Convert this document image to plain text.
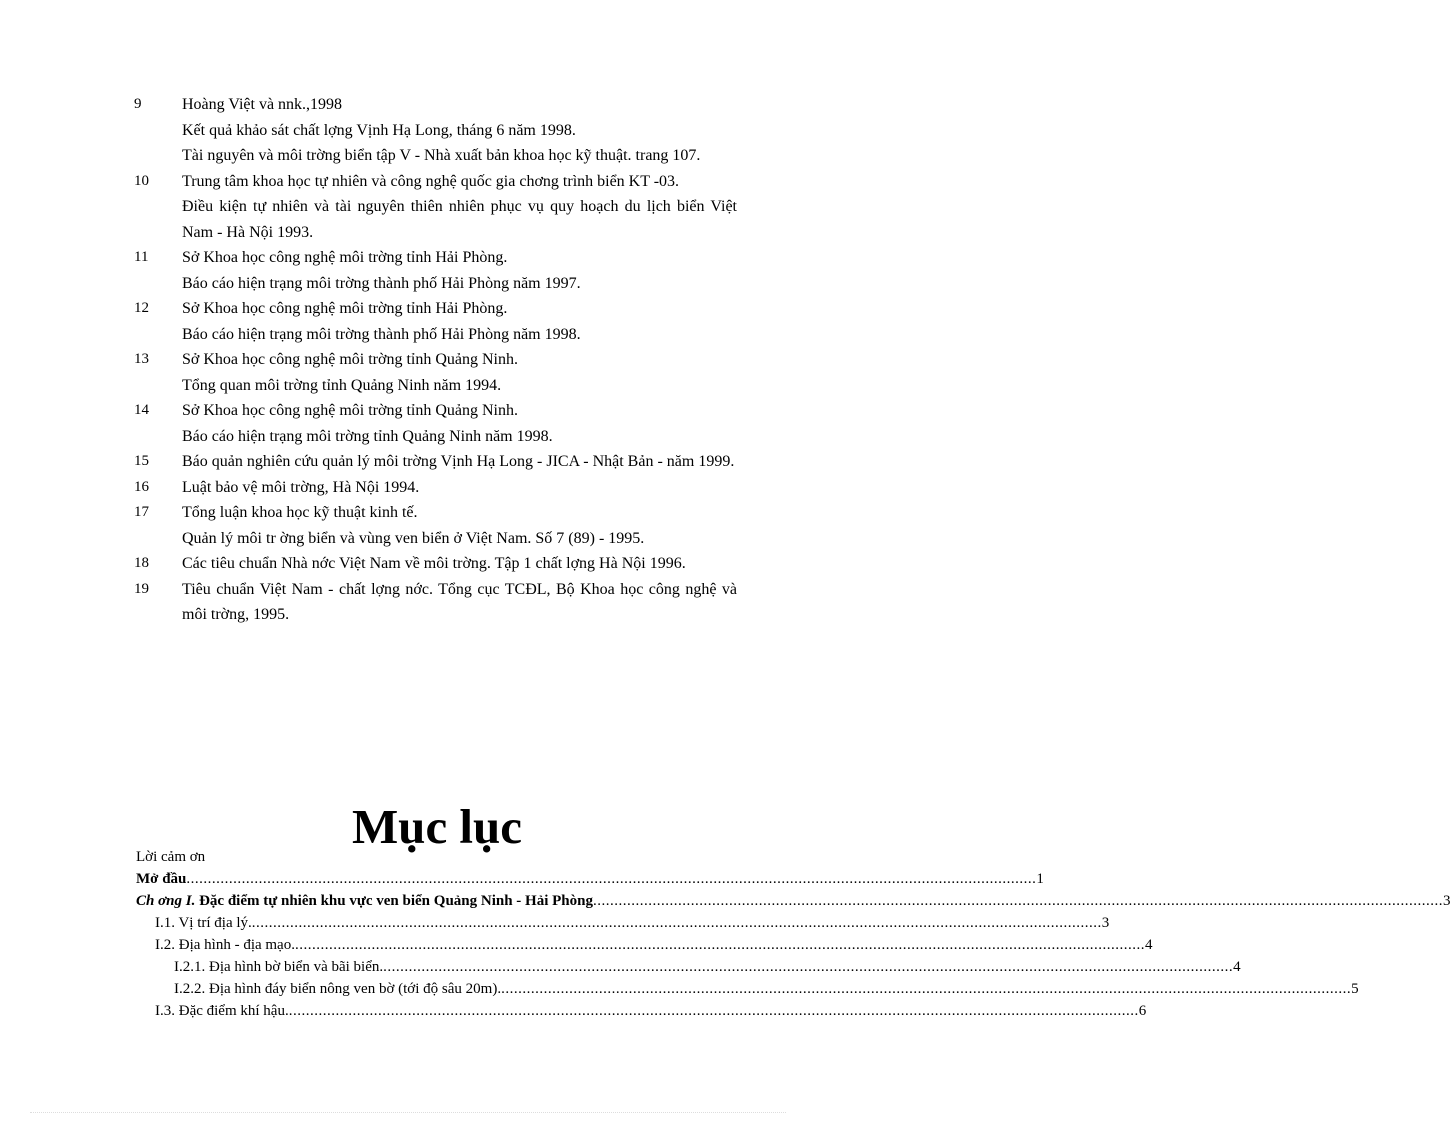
9	Hoàng Việt và nnk.,1998
Kết quả khảo sát chất lợng Vịnh Hạ Long, tháng 6 năm 1998.
Tài nguyên và môi trờng biển tập V - Nhà xuất bản khoa học kỹ thuật. trang 107.
10 Trung tâm khoa học tự nhiên và công nghệ quốc gia chơng trình biển KT -03.
Điều kiện tự nhiên và tài nguyên thiên nhiên phục vụ quy hoạch du lịch biển Việt Nam - Hà Nội 1993.
11 Sở Khoa học công nghệ môi trờng tỉnh Hải Phòng.
Báo cáo hiện trạng môi trờng thành phố Hải Phòng năm 1997.
12 Sở Khoa học công nghệ môi trờng tỉnh Hải Phòng.
Báo cáo hiện trạng môi trờng thành phố Hải Phòng năm 1998.
13 Sở Khoa học công nghệ môi trờng tỉnh Quảng Ninh.
Tổng quan môi trờng tỉnh Quảng Ninh năm 1994.
14 Sở Khoa học công nghệ môi trờng tỉnh Quảng Ninh.
Báo cáo hiện trạng môi trờng tỉnh Quảng Ninh năm 1998.
15 Báo quản nghiên cứu quản lý môi trờng Vịnh Hạ Long - JICA - Nhật Bản - năm 1999.
16 Luật bảo vệ môi trờng, Hà Nội 1994.
17 Tổng luận khoa học kỹ thuật kinh tế.
Quản lý môi tr ờng biển và vùng ven biển ở Việt Nam. Số 7 (89) - 1995.
18 Các tiêu chuẩn Nhà nớc Việt Nam về môi trờng. Tập 1 chất lợng Hà Nội 1996.
19 Tiêu chuẩn Việt Nam - chất lợng nớc. Tổng cục TCĐL, Bộ Khoa học công nghệ và môi trờng, 1995.
Mục lục
Lời cảm ơn
Mở đầu ........................................................................................................................................................................................................ 1
Ch ơng I. Đặc điểm tự nhiên khu vực ven biển Quảng Ninh - Hải Phòng ........................................................................................................................................................................................................ 3
I.1. Vị trí địa lý. ........................................................................................................................................................................................................ 3
I.2. Địa hình - địa mạo. ........................................................................................................................................................................................................ 4
I.2.1. Địa hình bờ biển và bãi biển. ........................................................................................................................................................................................................ 4
I.2.2. Địa hình đáy biển nông ven bờ (tới độ sâu 20m). ........................................................................................................................................................................................................ 5
I.3. Đặc điểm khí hậu. ........................................................................................................................................................................................................ 6
